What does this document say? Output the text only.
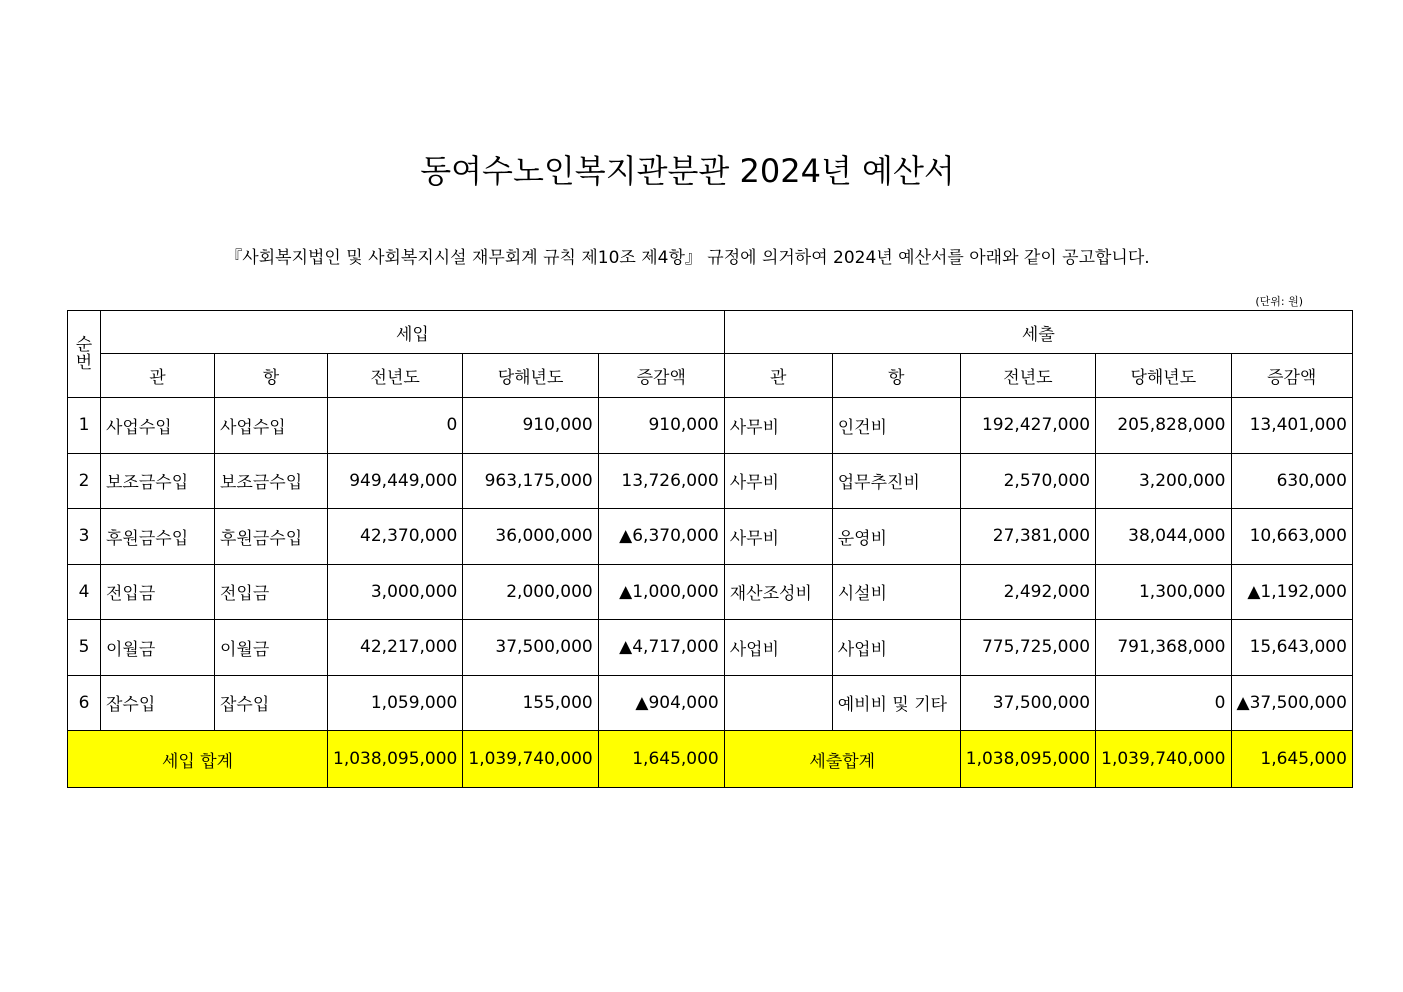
동여수노인복지관분관 2024년 예산서
『사회복지법인 및 사회복지시설 재무회계 규칙 제10조 제4항』 규정에 의거하여 2024년 예산서를 아래와 같이 공고합니다.
(단위: 원)
순번	세입					세출				
	관	항	전년도	당해년도	증감액	관	항	전년도	당해년도	증감액
1	사업수입	사업수입	0	910,000	910,000	사무비	인건비	192,427,000	205,828,000	13,401,000
2	보조금수입	보조금수입	949,449,000	963,175,000	13,726,000	사무비	업무추진비	2,570,000	3,200,000	630,000
3	후원금수입	후원금수입	42,370,000	36,000,000	▲6,370,000	사무비	운영비	27,381,000	38,044,000	10,663,000
4	전입금	전입금	3,000,000	2,000,000	▲1,000,000	재산조성비	시설비	2,492,000	1,300,000	▲1,192,000
5	이월금	이월금	42,217,000	37,500,000	▲4,717,000	사업비	사업비	775,725,000	791,368,000	15,643,000
6	잡수입	잡수입	1,059,000	155,000	▲904,000		예비비 및 기타	37,500,000	0	▲37,500,000
세입 합계			1,038,095,000	1,039,740,000	1,645,000	세출합계		1,038,095,000	1,039,740,000	1,645,000
